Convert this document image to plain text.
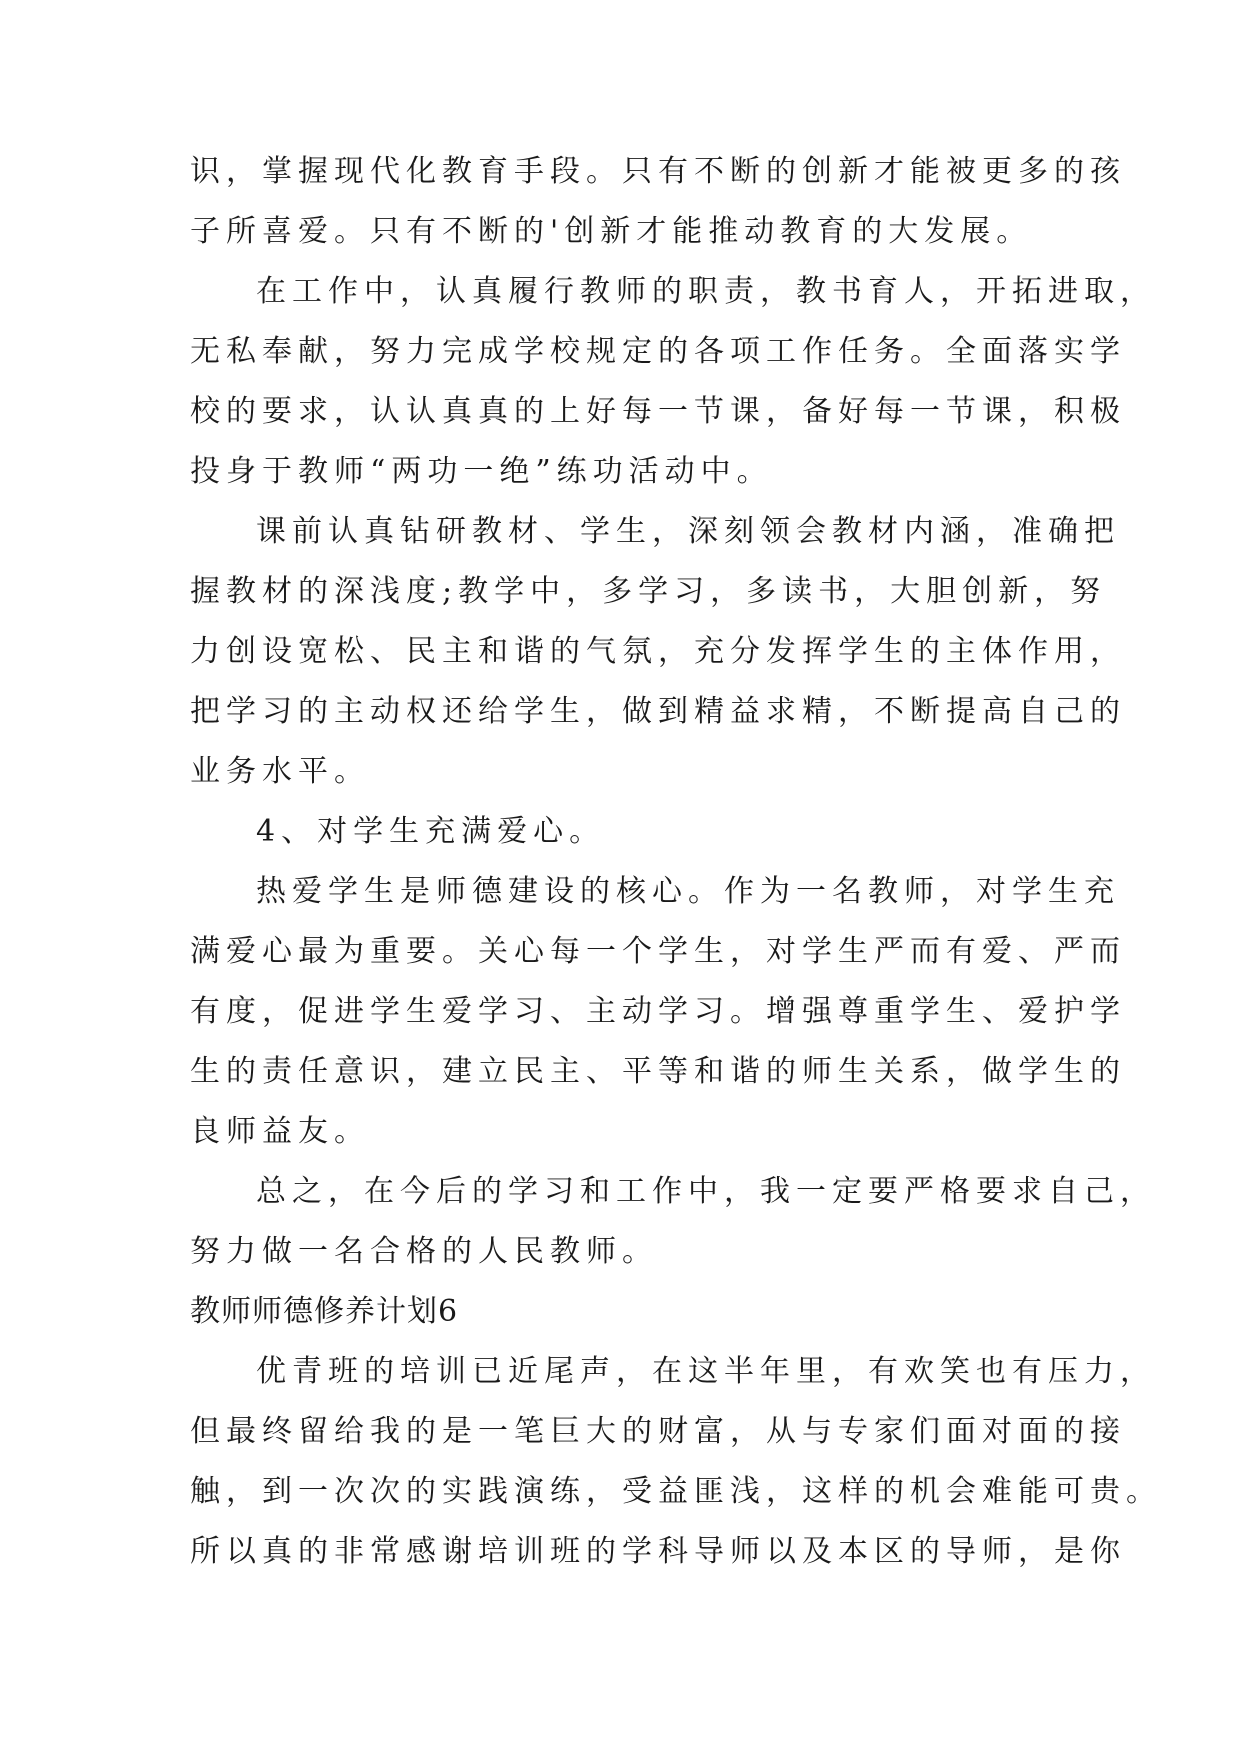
识，掌握现代化教育手段。只有不断的创新才能被更多的孩
子所喜爱。只有不断的'创新才能推动教育的大发展。
在工作中，认真履行教师的职责，教书育人，开拓进取，
无私奉献，努力完成学校规定的各项工作任务。全面落实学
校的要求，认认真真的上好每一节课，备好每一节课，积极
投身于教师“两功一绝”练功活动中。
课前认真钻研教材、学生，深刻领会教材内涵，准确把
握教材的深浅度;教学中，多学习，多读书，大胆创新，努
力创设宽松、民主和谐的气氛，充分发挥学生的主体作用，
把学习的主动权还给学生，做到精益求精，不断提高自己的
业务水平。
4、对学生充满爱心。
热爱学生是师德建设的核心。作为一名教师，对学生充
满爱心最为重要。关心每一个学生，对学生严而有爱、严而
有度，促进学生爱学习、主动学习。增强尊重学生、爱护学
生的责任意识，建立民主、平等和谐的师生关系，做学生的
良师益友。
总之，在今后的学习和工作中，我一定要严格要求自己，
努力做一名合格的人民教师。
教师师德修养计划6
优青班的培训已近尾声，在这半年里，有欢笑也有压力，
但最终留给我的是一笔巨大的财富，从与专家们面对面的接
触，到一次次的实践演练，受益匪浅，这样的机会难能可贵。
所以真的非常感谢培训班的学科导师以及本区的导师，是你
